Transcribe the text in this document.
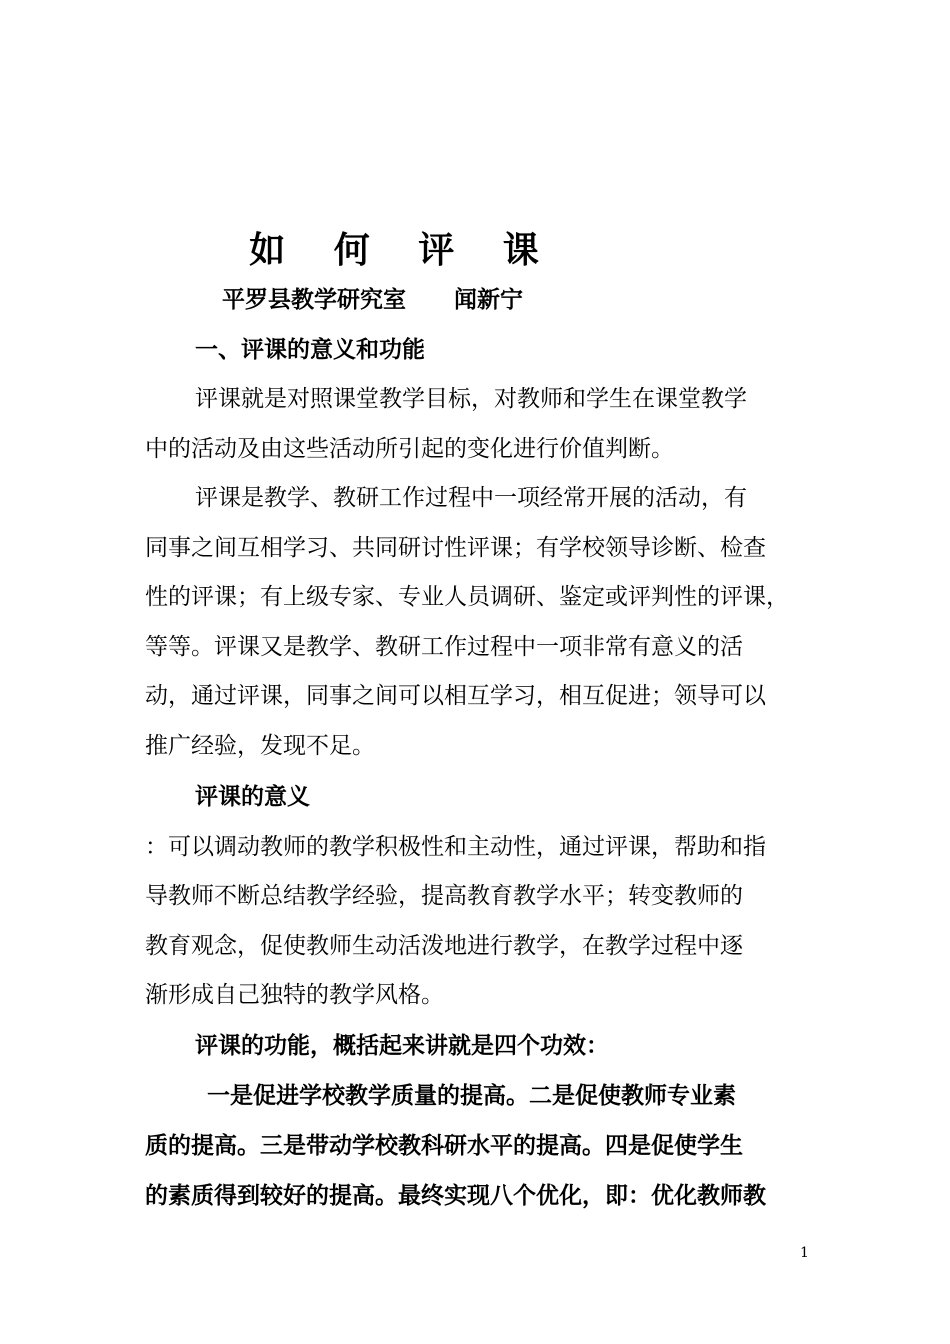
如 何 评 课
平罗县教学研究室      闻新宁
一、评课的意义和功能
评课就是对照课堂教学目标，对教师和学生在课堂教学
中的活动及由这些活动所引起的变化进行价值判断。
评课是教学、教研工作过程中一项经常开展的活动，有
同事之间互相学习、共同研讨性评课；有学校领导诊断、检查
性的评课；有上级专家、专业人员调研、鉴定或评判性的评课，
等等。评课又是教学、教研工作过程中一项非常有意义的活
动，通过评课，同事之间可以相互学习，相互促进；领导可以
推广经验，发现不足。
评课的意义
：可以调动教师的教学积极性和主动性，通过评课，帮助和指
导教师不断总结教学经验，提高教育教学水平；转变教师的
教育观念，促使教师生动活泼地进行教学，在教学过程中逐
渐形成自己独特的教学风格。
评课的功能，概括起来讲就是四个功效：
一是促进学校教学质量的提高。二是促使教师专业素
质的提高。三是带动学校教科研水平的提高。四是促使学生
的素质得到较好的提高。最终实现八个优化，即：优化教师教
1
